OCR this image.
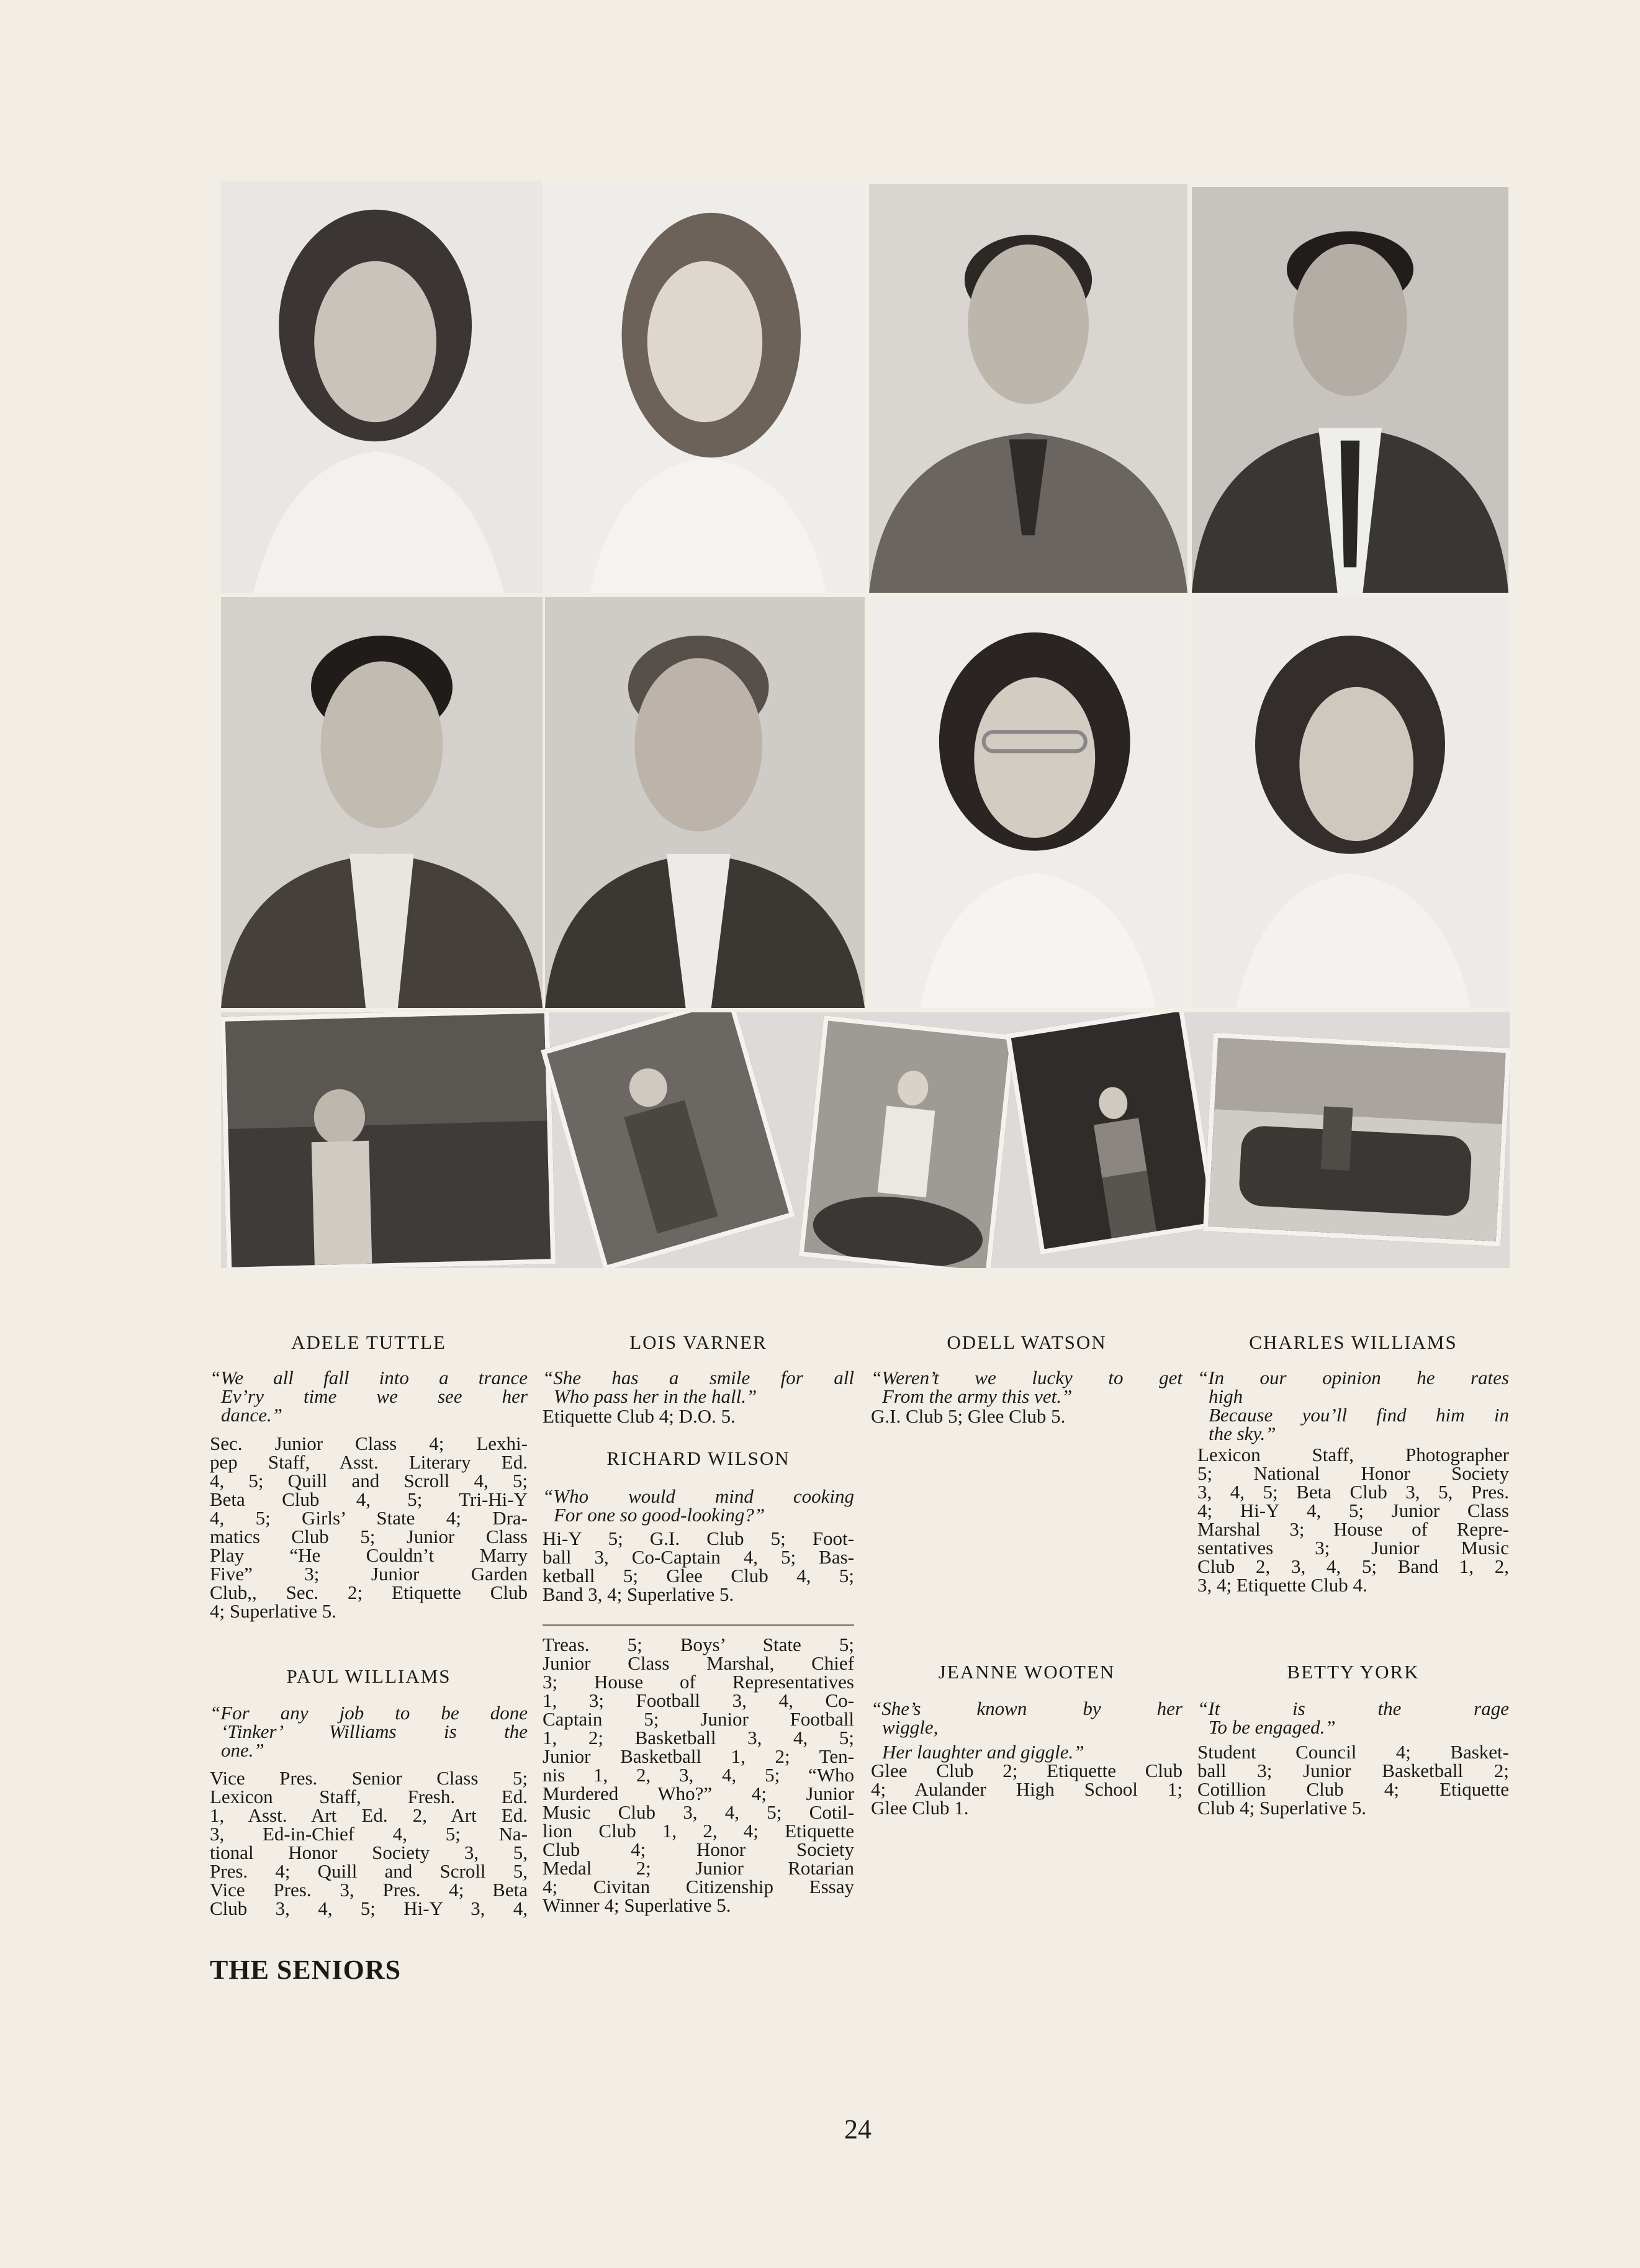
ADELE TUTTLE
“We all fall into a trance
Ev’ry time we see her
dance.”
Sec. Junior Class 4; Lexhi-
pep Staff, Asst. Literary Ed.
4, 5; Quill and Scroll 4, 5;
Beta Club 4, 5; Tri-Hi-Y
4, 5; Girls’ State 4; Dra-
matics Club 5; Junior Class
Play “He Couldn’t Marry
Five” 3; Junior Garden
Club,, Sec. 2; Etiquette Club
4; Superlative 5.
LOIS VARNER
“She has a smile for all
Who pass her in the hall.”
Etiquette Club 4; D.O. 5.
ODELL WATSON
“Weren’t we lucky to get
From the army this vet.”
G.I. Club 5; Glee Club 5.
CHARLES WILLIAMS
“In our opinion he rates
high
Because you’ll find him in
the sky.”
Lexicon Staff, Photographer
5; National Honor Society
3, 4, 5; Beta Club 3, 5, Pres.
4; Hi-Y 4, 5; Junior Class
Marshal 3; House of Repre-
sentatives 3; Junior Music
Club 2, 3, 4, 5; Band 1, 2,
3, 4; Etiquette Club 4.
RICHARD WILSON
“Who would mind cooking
For one so good-looking?”
Hi-Y 5; G.I. Club 5; Foot-
ball 3, Co-Captain 4, 5; Bas-
ketball 5; Glee Club 4, 5;
Band 3, 4; Superlative 5.
PAUL WILLIAMS
“For any job to be done
‘Tinker’ Williams is the
one.”
Vice Pres. Senior Class 5;
Lexicon Staff, Fresh. Ed.
1, Asst. Art Ed. 2, Art Ed.
3, Ed-in-Chief 4, 5; Na-
tional Honor Society 3, 5,
Pres. 4; Quill and Scroll 5,
Vice Pres. 3, Pres. 4; Beta
Club 3, 4, 5; Hi-Y 3, 4,
Treas. 5; Boys’ State 5;
Junior Class Marshal, Chief
3; House of Representatives
1, 3; Football 3, 4, Co-
Captain 5; Junior Football
1, 2; Basketball 3, 4, 5;
Junior Basketball 1, 2; Ten-
nis 1, 2, 3, 4, 5; “Who
Murdered Who?” 4; Junior
Music Club 3, 4, 5; Cotil-
lion Club 1, 2, 4; Etiquette
Club 4; Honor Society
Medal 2; Junior Rotarian
4; Civitan Citizenship Essay
Winner 4; Superlative 5.
JEANNE WOOTEN
“She’s known by her
wiggle,
Her laughter and giggle.”
Glee Club 2; Etiquette Club
4; Aulander High School 1;
Glee Club 1.
BETTY YORK
“It is the rage
To be engaged.”
Student Council 4; Basket-
ball 3; Junior Basketball 2;
Cotillion Club 4; Etiquette
Club 4; Superlative 5.
THE SENIORS
24
